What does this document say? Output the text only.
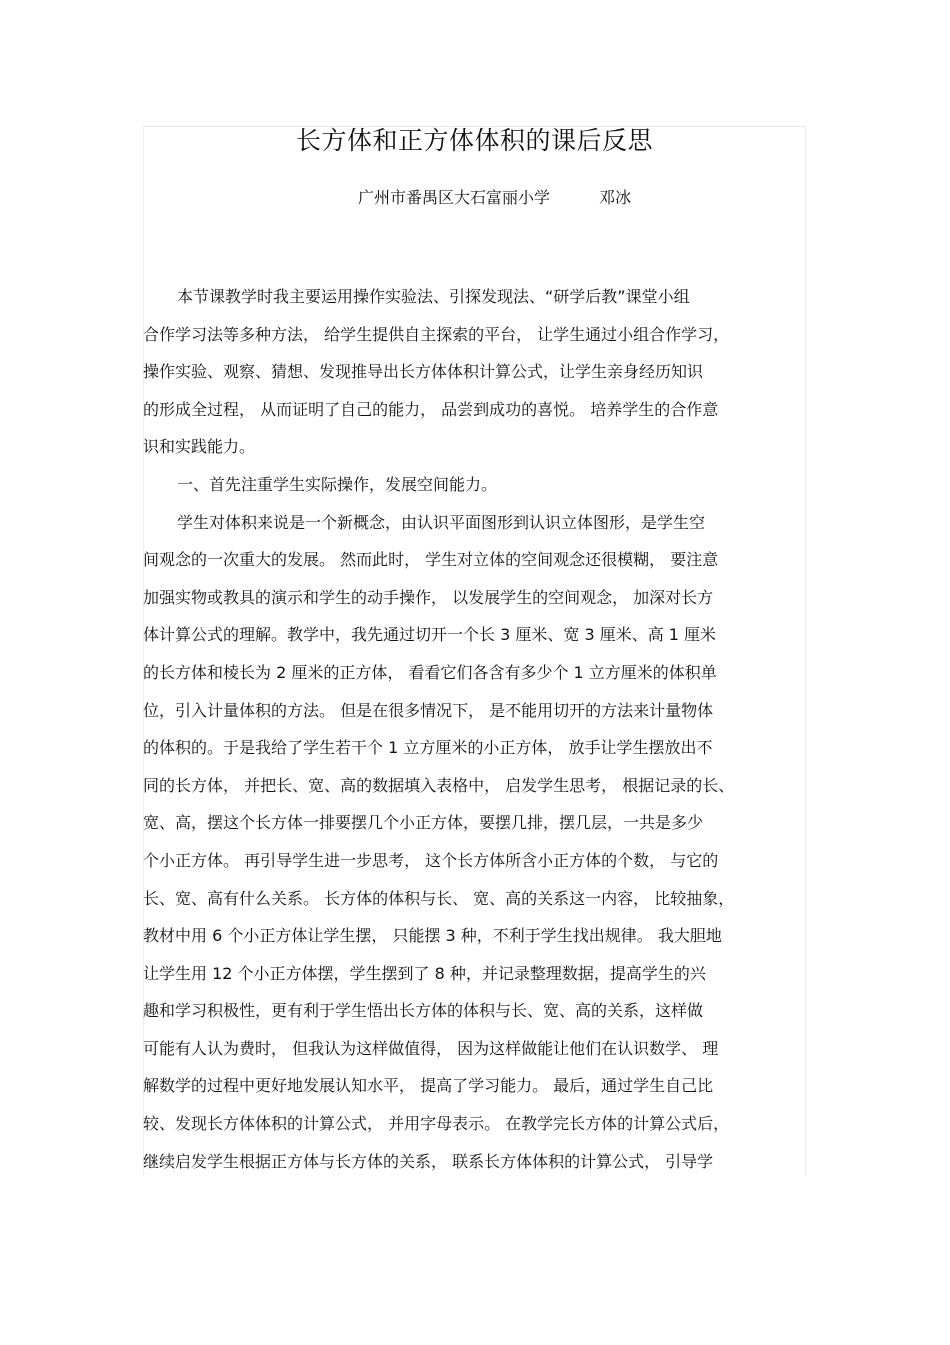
长方体和正方体体积的课后反思
广州市番禺区大石富丽小学	邓冰
本节课教学时我主要运用操作实验法、引探发现法、“研学后教”课堂小组
合作学习法等多种方法， 给学生提供自主探索的平台， 让学生通过小组合作学习，
操作实验、观察、猜想、发现推导出长方体体积计算公式，让学生亲身经历知识
的形成全过程， 从而证明了自己的能力， 品尝到成功的喜悦。 培养学生的合作意
识和实践能力。
一、首先注重学生实际操作，发展空间能力。
学生对体积来说是一个新概念，由认识平面图形到认识立体图形，是学生空
间观念的一次重大的发展。 然而此时， 学生对立体的空间观念还很模糊， 要注意
加强实物或教具的演示和学生的动手操作， 以发展学生的空间观念， 加深对长方
体计算公式的理解。教学中，我先通过切开一个长 3 厘米、宽 3 厘米、高 1 厘米
的长方体和棱长为 2 厘米的正方体， 看看它们各含有多少个 1 立方厘米的体积单
位，引入计量体积的方法。 但是在很多情况下， 是不能用切开的方法来计量物体
的体积的。于是我给了学生若干个 1 立方厘米的小正方体， 放手让学生摆放出不
同的长方体， 并把长、宽、高的数据填入表格中， 启发学生思考， 根据记录的长、
宽、高，摆这个长方体一排要摆几个小正方体，要摆几排，摆几层，一共是多少
个小正方体。 再引导学生进一步思考， 这个长方体所含小正方体的个数， 与它的
长、宽、高有什么关系。 长方体的体积与长、 宽、高的关系这一内容， 比较抽象，
教材中用 6 个小正方体让学生摆， 只能摆 3 种，不利于学生找出规律。 我大胆地
让学生用 12 个小正方体摆，学生摆到了 8 种，并记录整理数据，提高学生的兴
趣和学习积极性，更有利于学生悟出长方体的体积与长、宽、高的关系，这样做
可能有人认为费时， 但我认为这样做值得， 因为这样做能让他们在认识数学、 理
解数学的过程中更好地发展认知水平， 提高了学习能力。 最后，通过学生自己比
较、发现长方体体积的计算公式， 并用字母表示。 在教学完长方体的计算公式后，
继续启发学生根据正方体与长方体的关系， 联系长方体体积的计算公式， 引导学
